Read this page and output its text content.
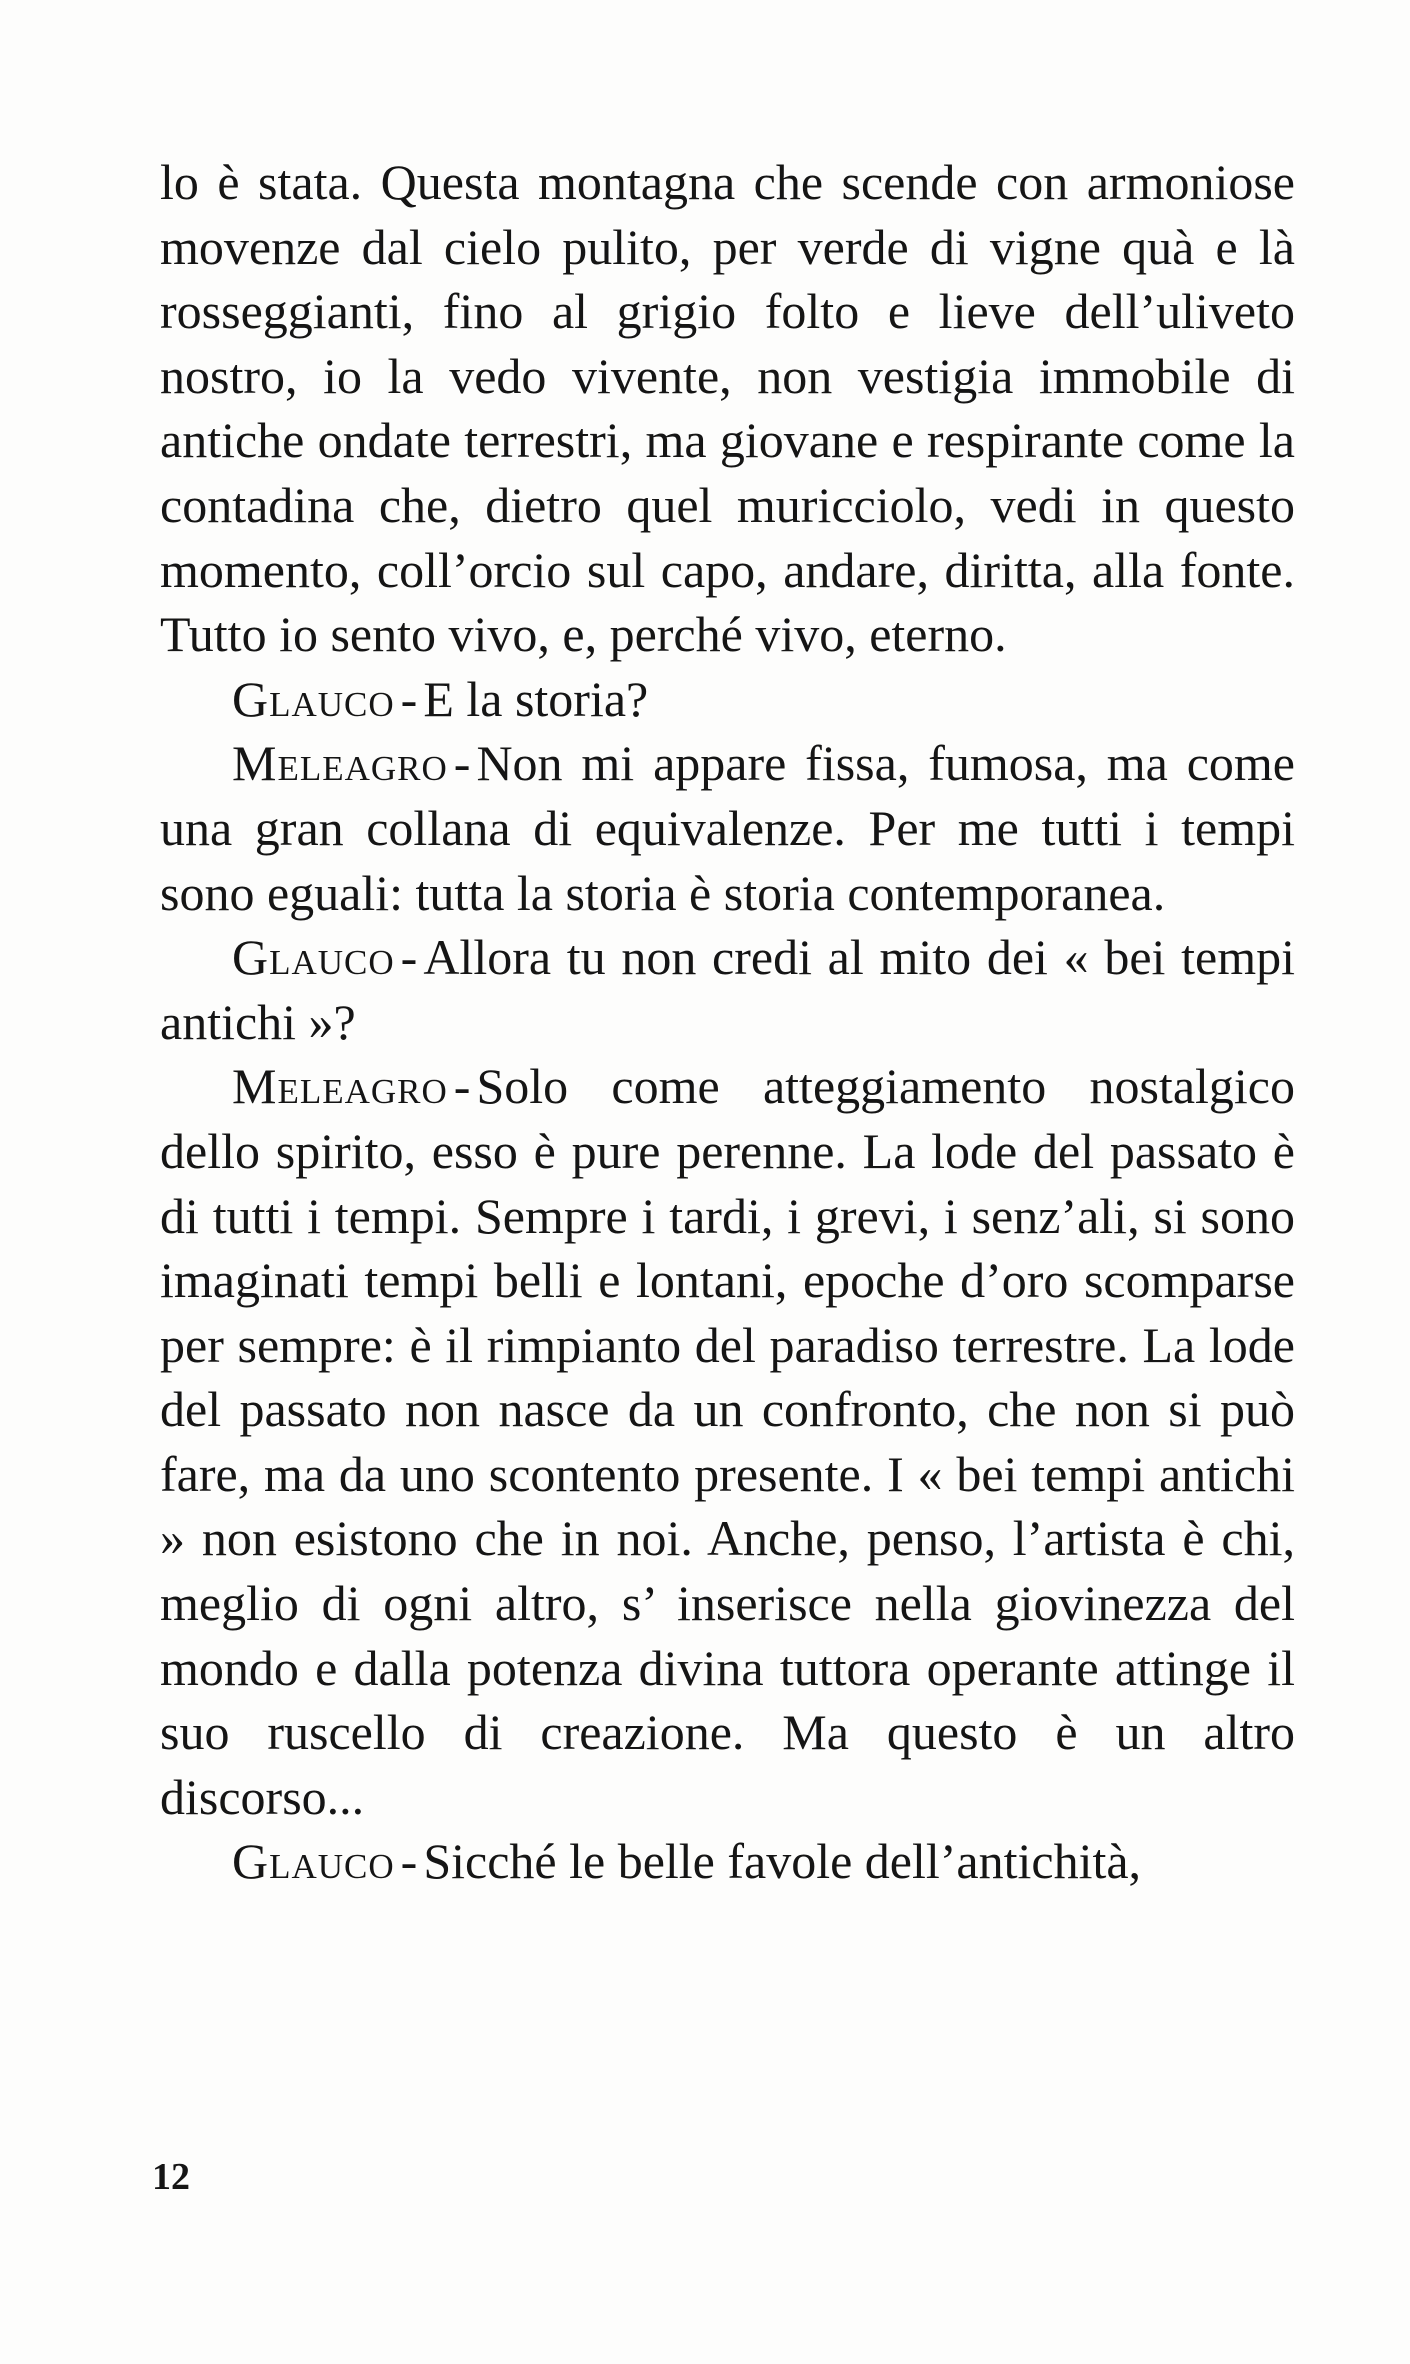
lo è stata. Questa montagna che scende con armoniose movenze dal cielo pulito, per verde di vigne quà e là rosseggianti, fino al grigio folto e lieve dell’uliveto nostro, io la vedo vivente, non vestigia immobile di antiche ondate terrestri, ma giovane e respirante come la contadina che, dietro quel muricciolo, vedi in questo momento, coll’orcio sul capo, andare, diritta, alla fonte. Tutto io sento vivo, e, perché vivo, eterno.

Glauco - E la storia?

Meleagro - Non mi appare fissa, fumosa, ma come una gran collana di equivalenze. Per me tutti i tempi sono eguali: tutta la storia è storia contemporanea.

Glauco - Allora tu non credi al mito dei « bei tempi antichi »?

Meleagro - Solo come atteggiamento nostalgico dello spirito, esso è pure perenne. La lode del passato è di tutti i tempi. Sempre i tardi, i grevi, i senz’ali, si sono imaginati tempi belli e lontani, epoche d’oro scomparse per sempre: è il rimpianto del paradiso terrestre. La lode del passato non nasce da un confronto, che non si può fare, ma da uno scontento presente. I « bei tempi antichi » non esistono che in noi. Anche, penso, l’artista è chi, meglio di ogni altro, s’ inserisce nella giovinezza del mondo e dalla potenza divina tuttora operante attinge il suo ruscello di creazione. Ma questo è un altro discorso...

Glauco - Sicché le belle favole dell’antichità,

12
